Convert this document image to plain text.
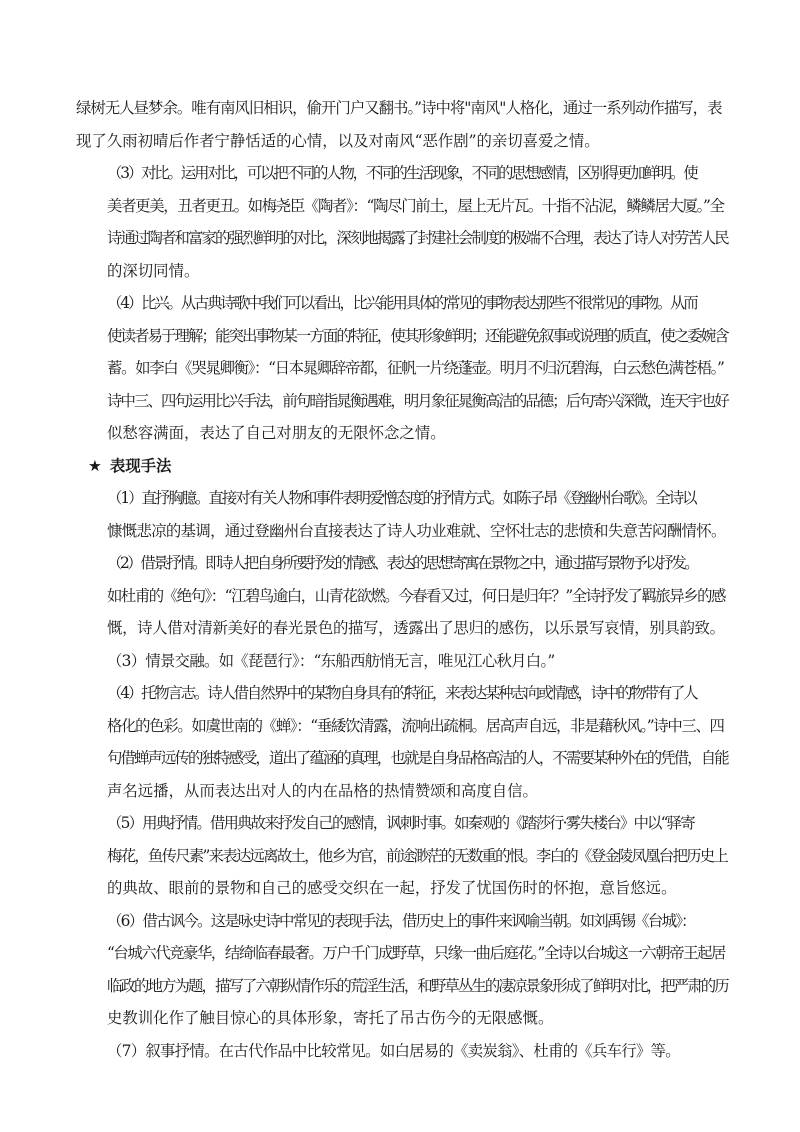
绿树无人昼梦余。唯有南风旧相识，偷开门户又翻书。”诗中将"南风"人格化，通过一系列动作描写，表
现了久雨初晴后作者宁静恬适的心情，以及对南风“恶作剧”的亲切喜爱之情。

（3）对比。运用对比，可以把不同的人物，不同的生活现象，不同的思想感情，区别得更加鲜明。使
美者更美，丑者更丑。如梅尧臣《陶者》：“陶尽门前土，屋上无片瓦。十指不沾泥，鳞鳞居大厦。”全
诗通过陶者和富家的强烈鲜明的对比，深刻地揭露了封建社会制度的极端不合理，表达了诗人对劳苦人民
的深切同情。

（4）比兴。从古典诗歌中我们可以看出，比兴能用具体的常见的事物表达那些不很常见的事物。从而
使读者易于理解；能突出事物某一方面的特征，使其形象鲜明；还能避免叙事或说理的质直，使之委婉含
蓄。如李白《哭晁卿衡》：“日本晁卿辞帝都，征帆一片绕蓬壶。明月不归沉碧海，白云愁色满苍梧。”
诗中三、四句运用比兴手法，前句暗指晁衡遇难，明月象征晁衡高洁的品德；后句寄兴深微，连天宇也好
似愁容满面，表达了自己对朋友的无限怀念之情。

★ 表现手法

（1）直抒胸臆。直接对有关人物和事件表明爱憎态度的抒情方式。如陈子昂《登幽州台歌》。全诗以
慷慨悲凉的基调，通过登幽州台直接表达了诗人功业难就、空怀壮志的悲愤和失意苦闷酬情怀。

（2）借景抒情。即诗人把自身所要抒发的情感、表达的思想寄寓在景物之中，通过描写景物予以抒发。
如杜甫的《绝句》：“江碧鸟逾白，山青花欲燃。今春看又过，何日是归年？”全诗抒发了羁旅异乡的感
慨，诗人借对清新美好的春光景色的描写，透露出了思归的感伤，以乐景写哀情，别具韵致。

（3）情景交融。如《琵琶行》：“东船西舫悄无言，唯见江心秋月白。”

（4）托物言志。诗人借自然界中的某物自身具有的特征，来表达某种志向或情感，诗中的物带有了人
格化的色彩。如虞世南的《蝉》：“垂緌饮清露，流响出疏桐。居高声自远，非是藉秋风。”诗中三、四
句借蝉声远传的独特感受，道出了蕴涵的真理，也就是自身品格高洁的人，不需要某种外在的凭借，自能
声名远播，从而表达出对人的内在品格的热情赞颂和高度自信。

（5）用典抒情。借用典故来抒发自己的感情，讽刺时事。如秦观的《踏莎行·雾失楼台》中以“驿寄
梅花，鱼传尺素”来表达远离故土，他乡为官，前途渺茫的无数重的恨。李白的《登金陵凤凰台把历史上
的典故、眼前的景物和自己的感受交织在一起，抒发了忧国伤时的怀抱，意旨悠远。

（6）借古讽今。这是咏史诗中常见的表现手法，借历史上的事件来讽喻当朝。如刘禹锡《台城》：
“台城六代竞豪华，结绮临春最奢。万户千门成野草，只缘一曲后庭花。”全诗以台城这一六朝帝王起居
临政的地方为题，描写了六朝纵情作乐的荒淫生活，和野草丛生的凄凉景象形成了鲜明对比，把严肃的历
史教训化作了触目惊心的具体形象，寄托了吊古伤今的无限感慨。

（7）叙事抒情。在古代作品中比较常见。如白居易的《卖炭翁》、杜甫的《兵车行》等。
